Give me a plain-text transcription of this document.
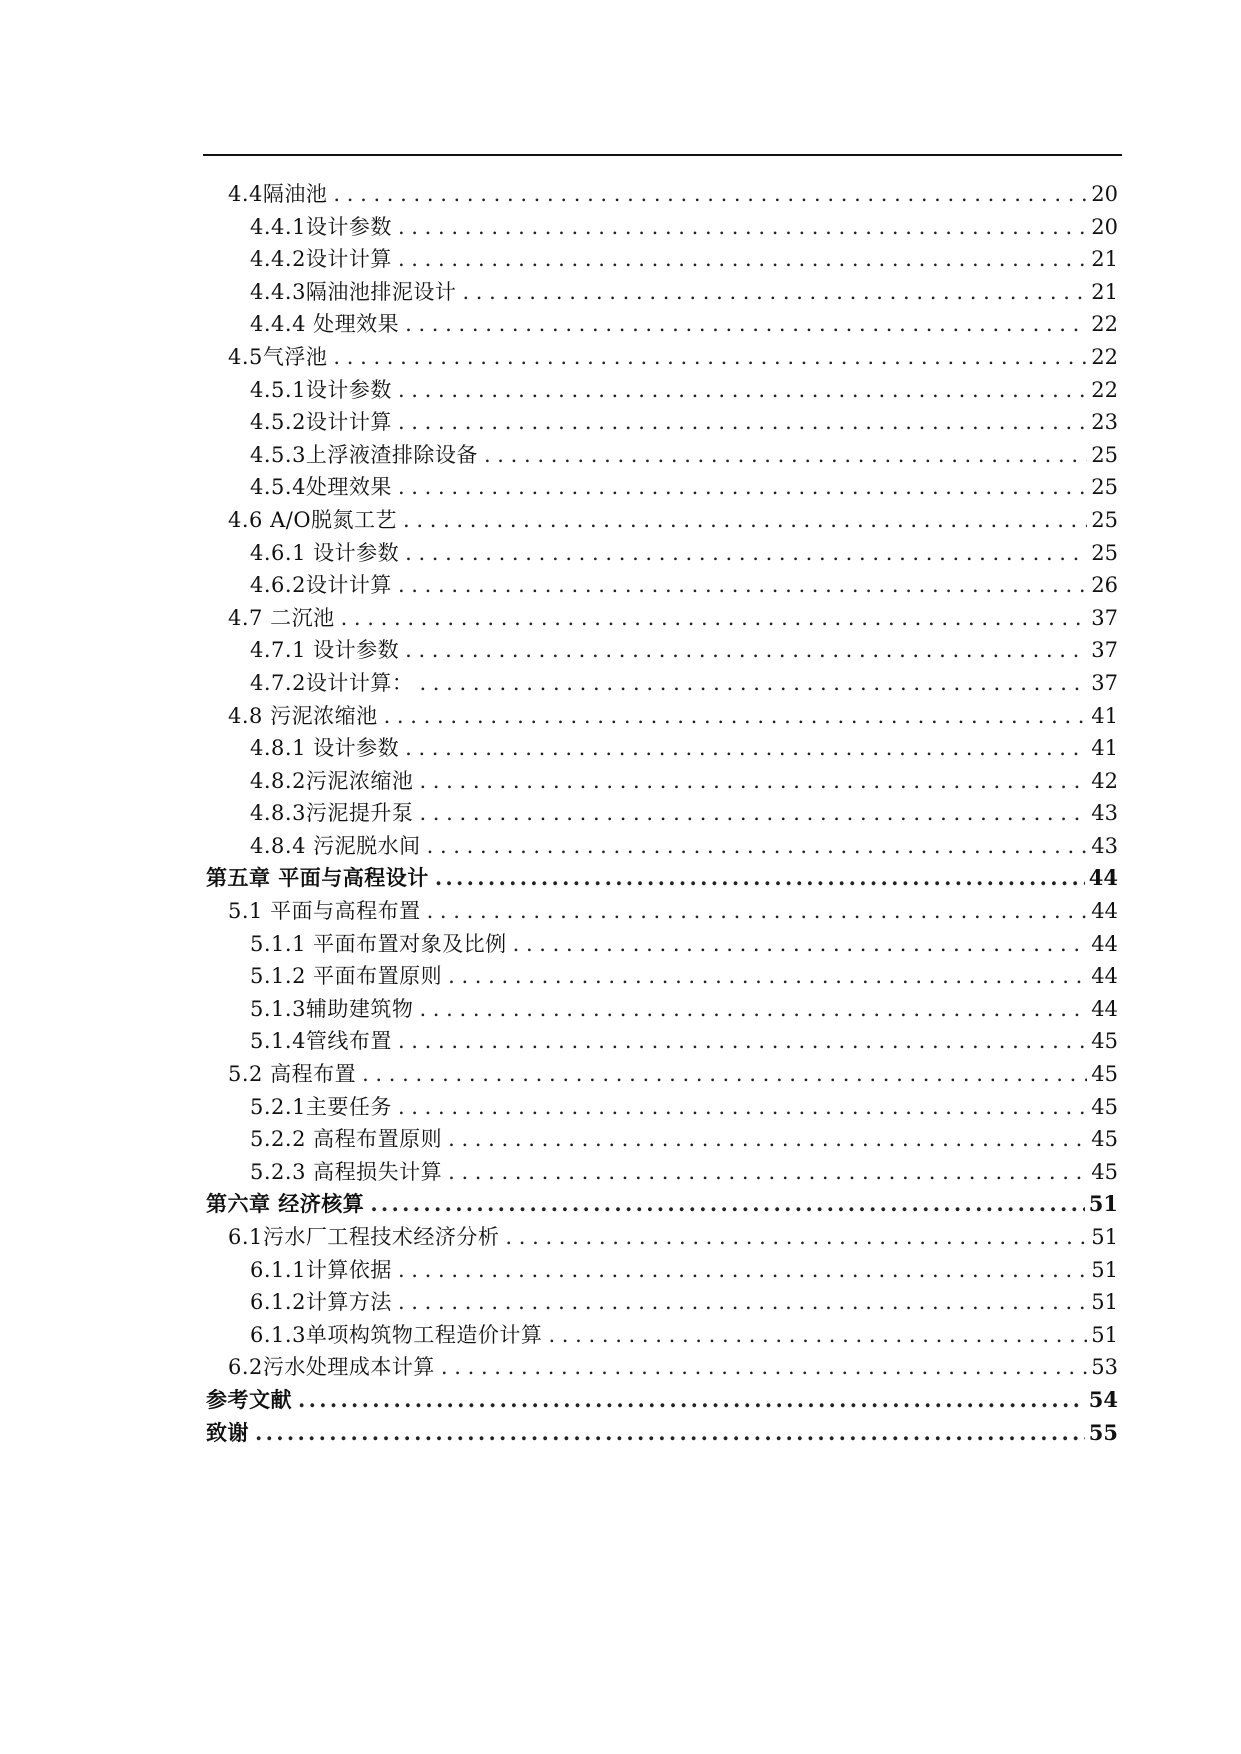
4.4隔油池 . . .	20
4.4.1设计参数 . . .	20
4.4.2设计计算 . . .	21
4.4.3隔油池排泥设计 . . .	21
4.4.4 处理效果 . . .	22
4.5气浮池 . . .	22
4.5.1设计参数 . . .	22
4.5.2设计计算 . . .	23
4.5.3上浮液渣排除设备 . . .	25
4.5.4处理效果 . . .	25
4.6 A/O脱氮工艺 . . .	25
4.6.1 设计参数 . . .	25
4.6.2设计计算 . . .	26
4.7 二沉池 . . .	37
4.7.1 设计参数 . . .	37
4.7.2设计计算： . . .	37
4.8 污泥浓缩池 . . .	41
4.8.1 设计参数 . . .	41
4.8.2污泥浓缩池 . . .	42
4.8.3污泥提升泵 . . .	43
4.8.4 污泥脱水间 . . .	43
第五章 平面与高程设计 .....	44
5.1 平面与高程布置 . . .	44
5.1.1 平面布置对象及比例 . . .	44
5.1.2 平面布置原则 . . .	44
5.1.3辅助建筑物 . . .	44
5.1.4管线布置 . . .	45
5.2 高程布置 . . .	45
5.2.1主要任务 . . .	45
5.2.2 高程布置原则 . . .	45
5.2.3 高程损失计算 . . .	45
第六章 经济核算 .....	51
6.1污水厂工程技术经济分析 . . .	51
6.1.1计算依据 . . .	51
6.1.2计算方法 . . .	51
6.1.3单项构筑物工程造价计算 . . .	51
6.2污水处理成本计算 . . .	53
参考文献 .....	54
致谢 .....	55
